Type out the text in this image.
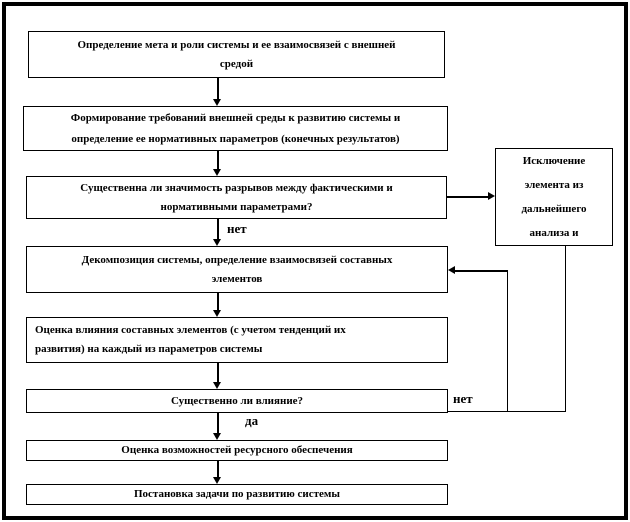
Определение мета и роли системы и ее взаимосвязей с внешней
средой
Формирование требований внешней среды к развитию системы и
определение ее нормативных параметров (конечных результатов)
Существенна ли значимость разрывов между фактическими и
нормативными параметрами?
Исключение
элемента из
дальнейшего
анализа и
нет
Декомпозиция системы, определение взаимосвязей составных
элементов
Оценка влияния составных элементов (с учетом тенденций их
развития) на каждый из параметров системы
Существенно ли влияние?	нет
да
Оценка возможностей ресурсного обеспечения
Постановка задачи по развитию системы
